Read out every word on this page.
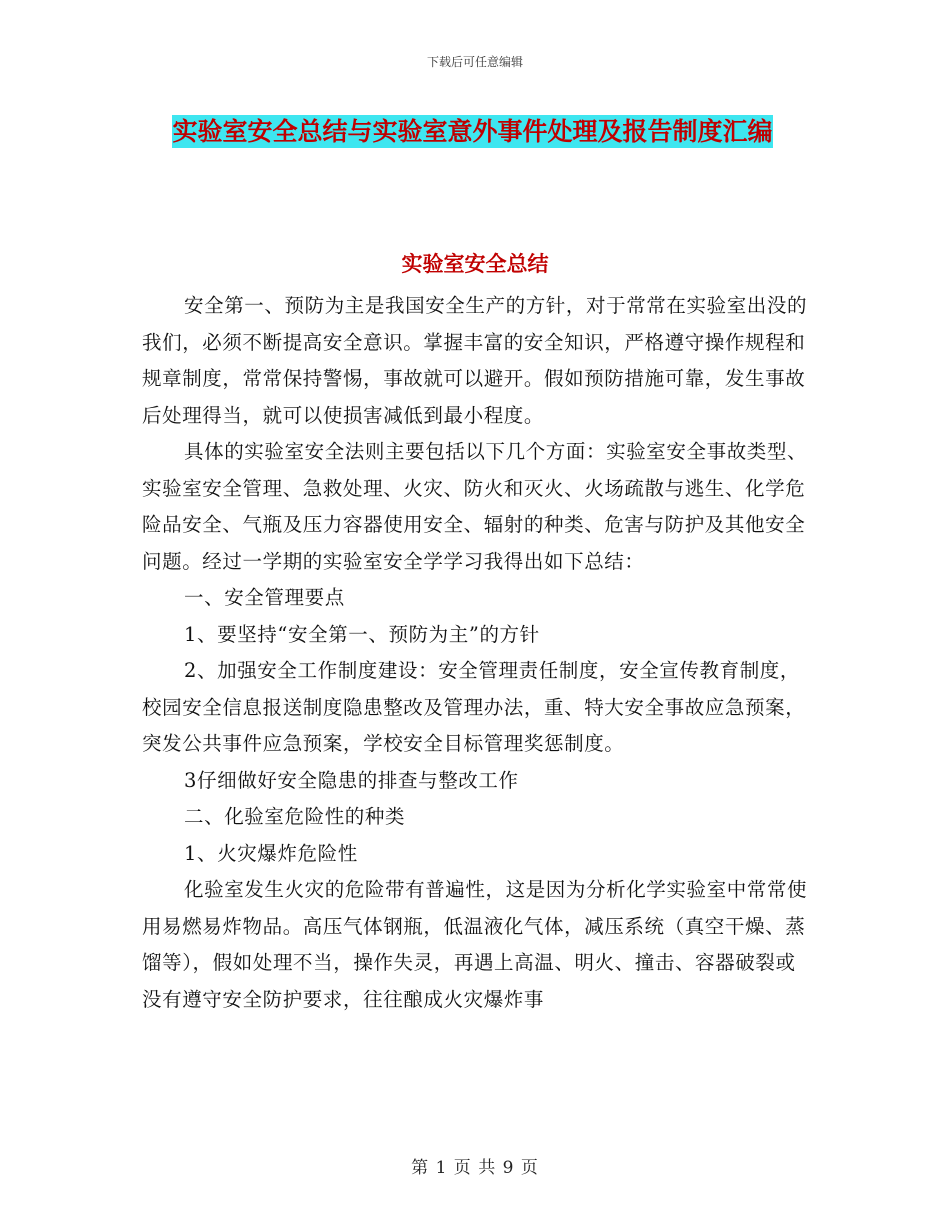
下载后可任意编辑
实验室安全总结与实验室意外事件处理及报告制度汇编
实验室安全总结

安全第一、预防为主是我国安全生产的方针，对于常常在实验室出没的我们，必须不断提高安全意识。掌握丰富的安全知识，严格遵守操作规程和规章制度，常常保持警惕，事故就可以避开。假如预防措施可靠，发生事故后处理得当，就可以使损害减低到最小程度。

具体的实验室安全法则主要包括以下几个方面：实验室安全事故类型、实验室安全管理、急救处理、火灾、防火和灭火、火场疏散与逃生、化学危险品安全、气瓶及压力容器使用安全、辐射的种类、危害与防护及其他安全问题。经过一学期的实验室安全学学习我得出如下总结：

一、安全管理要点

1、要坚持“安全第一、预防为主”的方针

2、加强安全工作制度建设：安全管理责任制度，安全宣传教育制度，校园安全信息报送制度隐患整改及管理办法，重、特大安全事故应急预案，突发公共事件应急预案，学校安全目标管理奖惩制度。

3仔细做好安全隐患的排查与整改工作

二、化验室危险性的种类

1、火灾爆炸危险性

化验室发生火灾的危险带有普遍性，这是因为分析化学实验室中常常使用易燃易炸物品。高压气体钢瓶，低温液化气体，减压系统（真空干燥、蒸馏等），假如处理不当，操作失灵，再遇上高温、明火、撞击、容器破裂或没有遵守安全防护要求，往往酿成火灾爆炸事

第 1 页 共 9 页
